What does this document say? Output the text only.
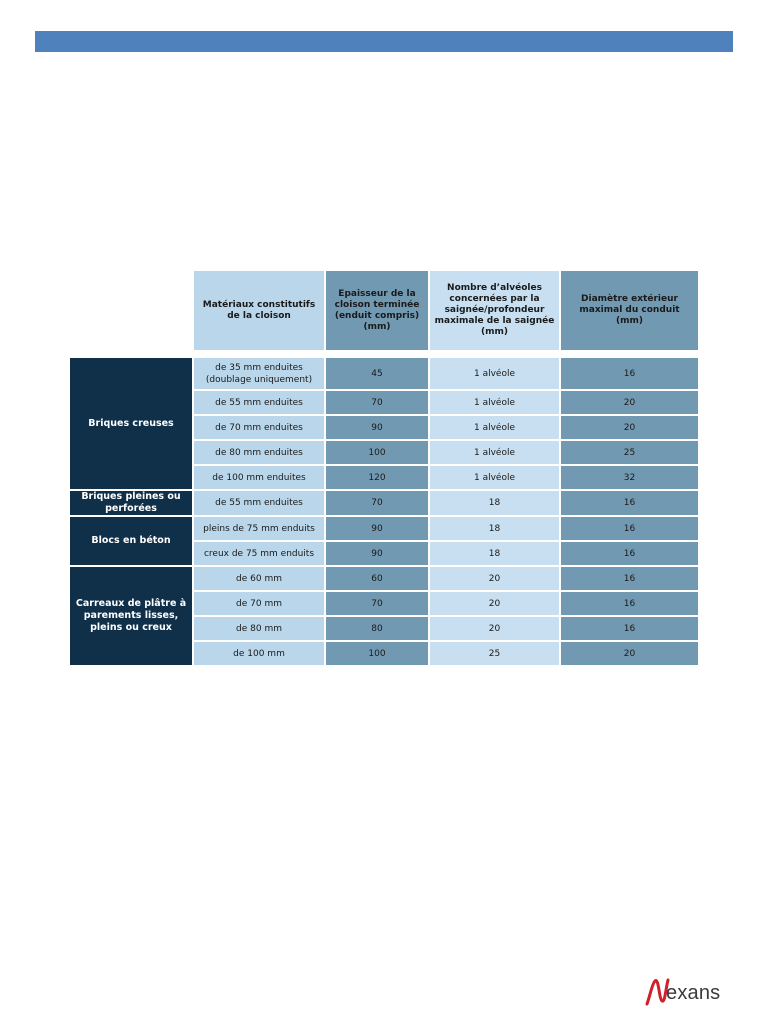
	Matériaux constitutifs de la cloison	Epaisseur de la cloison terminée (enduit compris) (mm)	Nombre d’alvéoles concernées par la saignée/profondeur maximale de la saignée (mm)	Diamètre extérieur maximal du conduit (mm)

Briques creuses	de 35 mm enduites (doublage uniquement)	45	1 alvéole	16
	de 55 mm enduites	70	1 alvéole	20
	de 70 mm enduites	90	1 alvéole	20
	de 80 mm enduites	100	1 alvéole	25
	de 100 mm enduites	120	1 alvéole	32
Briques pleines ou perforées	de 55 mm enduites	70	18	16
Blocs en béton	pleins de 75 mm enduits	90	18	16
	creux de 75 mm enduits	90	18	16
Carreaux de plâtre à parements lisses, pleins ou creux	de 60 mm	60	20	16
	de 70 mm	70	20	16
	de 80 mm	80	20	16
	de 100 mm	100	25	20
exans
